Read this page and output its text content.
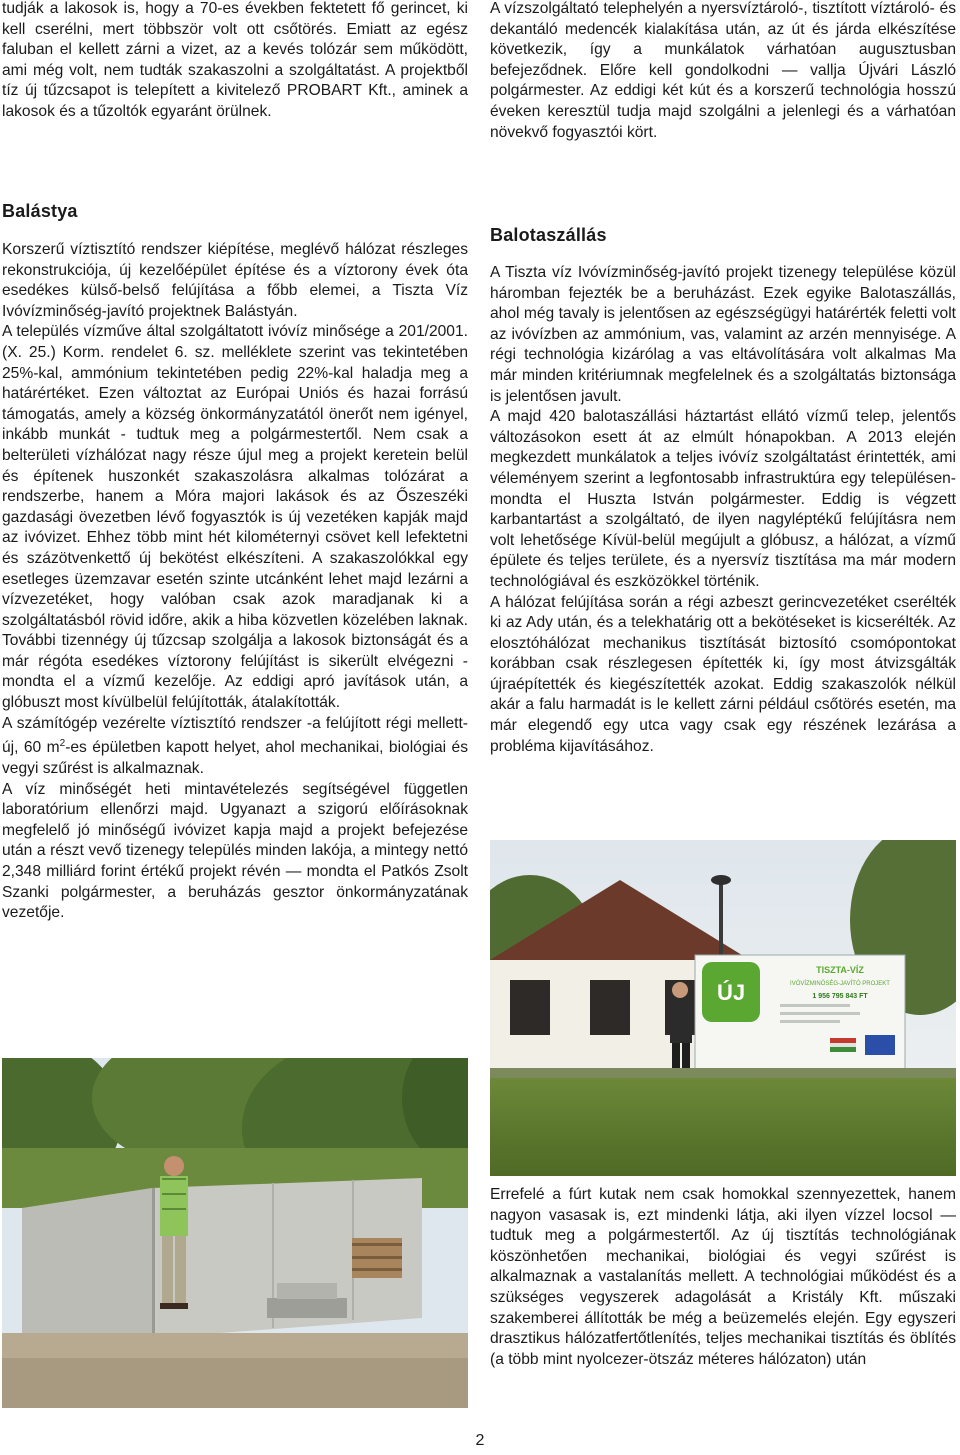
tudják a lakosok is, hogy a 70-es években fektetett fő gerincet, ki kell cserélni, mert többször volt ott csőtörés. Emiatt az egész faluban el kellett zárni a vizet, az a kevés tolózár sem működött, ami még volt, nem tudták szakaszolni a szolgáltatást. A projektből tíz új tűzcsapot is telepített a kivitelező PROBART Kft., aminek a lakosok és a tűzoltók egyaránt örülnek.

A vízszolgáltató telephelyén a nyersvíztároló-, tisztított víztároló- és dekantáló medencék kialakítása után, az út és járda elkészítése következik, így a munkálatok várhatóan augusztusban befejeződnek. Előre kell gondolkodni — vallja Újvári László polgármester. Az eddigi két kút és a korszerű technológia hosszú éveken keresztül tudja majd szolgálni a jelenlegi és a várhatóan növekvő fogyasztói kört.

Balástya

Korszerű víztisztító rendszer kiépítése, meglévő hálózat részleges rekonstrukciója, új kezelőépület építése és a víztorony évek óta esedékes külső-belső felújítása a főbb elemei, a Tiszta Víz Ivóvízminőség-javító projektnek Balástyán.

A település vízművе által szolgáltatott ivóvíz minősége a 201/2001. (X. 25.) Korm. rendelet 6. sz. melléklete szerint vas tekintetében 25%-kal, ammónium tekintetében pedig 22%-kal haladja meg a határértéket. Ezen változtat az Európai Uniós és hazai forrású támogatás, amely a község önkormányzatától önerőt nem igényel, inkább munkát - tudtuk meg a polgármestertől. Nem csak a belterületi vízhálózat nagy része újul meg a projekt keretein belül és építenek huszonkét szakaszolásra alkalmas tolózárat a rendszerbe, hanem a Móra majori lakások és az Őszeszéki gazdasági övezetben lévő fogyasztók is új vezetéken kapják majd az ivóvizet. Ehhez több mint hét kilométernyi csövet kell lefektetni és százötvenkettő új bekötést elkészíteni. A szakaszolókkal egy esetleges üzemzavar esetén szinte utcánként lehet majd lezárni a vízvezetéket, hogy valóban csak azok maradjanak ki a szolgáltatásból rövid időre, akik a hiba közvetlen közelében laknak. További tizennégy új tűzcsap szolgálja a lakosok biztonságát és a már régóta esedékes víztorony felújítást is sikerült elvégezni - mondta el a vízmű kezelője. Az eddigi apró javítások után, a glóbuszt most kívülbelül felújították, átalakították.

A számítógép vezérelte víztisztító rendszer -a felújított régi mellett- új, 60 $m^2-es$ épületben kapott helyet, ahol mechanikai, biológiai és vegyi szűrést is alkalmaznak.

A víz minőségét heti mintavételezés segítségével független laboratórium ellenőrzi majd. Ugyanazt a szigorú előírásoknak megfelelő jó minőségű ivóvizet kapja majd a projekt befejezése után a részt vevő tizenegy település minden lakója, a mintegy nettó 2,348 milliárd forint értékű projekt révén — mondta el Patkós Zsolt Szanki polgármester, a beruházás gesztor önkormányzatának vezetője.

Balotaszállás

A Tiszta víz Ivóvízminőség-javító projekt tizenegy települése közül háromban fejezték be a beruházást. Ezek egyike Balotaszállás, ahol még tavaly is jelentősen az egészségügyi határérték feletti volt az ivóvízben az ammónium, vas, valamint az arzén mennyisége. A régi technológia kizárólag a vas eltávolítására volt alkalmas Ma már minden kritériumnak megfelelnek és a szolgáltatás biztonsága is jelentősen javult.

A majd 420 balotaszállási háztartást ellátó vízmű telep, jelentős változásokon esett át az elmúlt hónapokban. A 2013 elején megkezdett munkálatok a teljes ivóvíz szolgáltatást érintették, ami véleményem szerint a legfontosabb infrastruktúra egy településen- mondta el Huszta István polgármester. Eddig is végzett karbantartást a szolgáltató, de ilyen nagyléptékű felújításra nem volt lehetősége Kívül-belül megújult a glóbusz, a hálózat, a vízmű épülete és teljes területe, és a nyersvíz tisztítása ma már modern technológiával és eszközökkel történik.

A hálózat felújítása során a régi azbeszt gerincvezetéket cserélték ki az Ady után, és a telekhatárig ott a bekötéseket is kicserélték. Az elosztóhálózat mechanikus tisztítását biztosító csomópontokat korábban csak részlegesen építették ki, így most átvizsgálták újraépítették és kiegészítették azokat. Eddig szakaszolók nélkül akár a falu harmadát is le kellett zárni például csőtörés esetén, ma már elegendő egy utca vagy csak egy részének lezárása a probléma kijavításához.

ÚJ
TISZTA-VÍZ
IVÓVÍZMINŐSÉG-JAVÍTÓ PROJEKT
1 956 795 843 FT

Errefelé a fúrt kutak nem csak homokkal szennyezettek, hanem nagyon vasasak is, ezt mindenki látja, aki ilyen vízzel locsol — tudtuk meg a polgármestertől. Az új tisztítás technológiának köszönhetően mechanikai, biológiai és vegyi szűrést is alkalmaznak a vastalanítás mellett. A technológiai működést és a szükséges vegyszerek adagolását a Kristály Kft. műszaki szakemberei állították be még a beüzemelés elején. Egy egyszeri drasztikus hálózatfertőtlenítés, teljes mechanikai tisztítás és öblítés (a több mint nyolcezer-ötszáz méteres hálózaton) után

2
